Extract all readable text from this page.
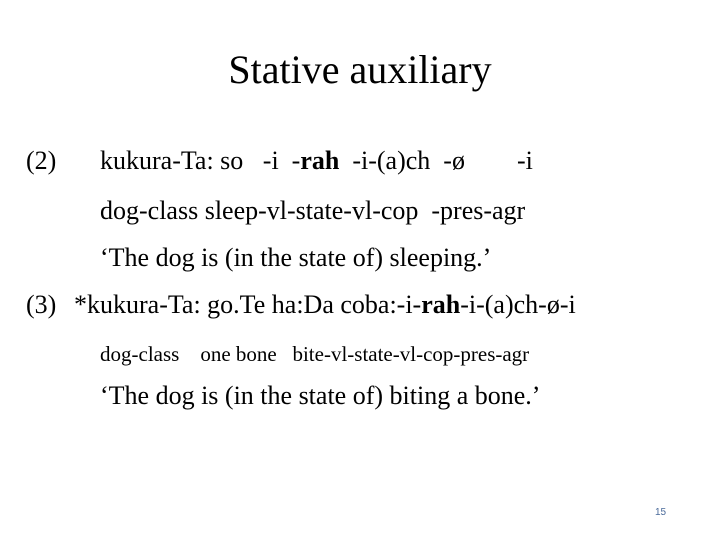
Stative auxiliary
(2) kukura-Ta: so   -i  -rah  -i-(a)ch  -ø        -i
dog-class sleep-vl-state-vl-cop  -pres-agr
‘The dog is (in the state of) sleeping.’
(3) *kukura-Ta: go.Te ha:Da coba:-i-rah-i-(a)ch-ø-i
dog-class    one bone   bite-vl-state-vl-cop-pres-agr
‘The dog is (in the state of) biting a bone.’
15
